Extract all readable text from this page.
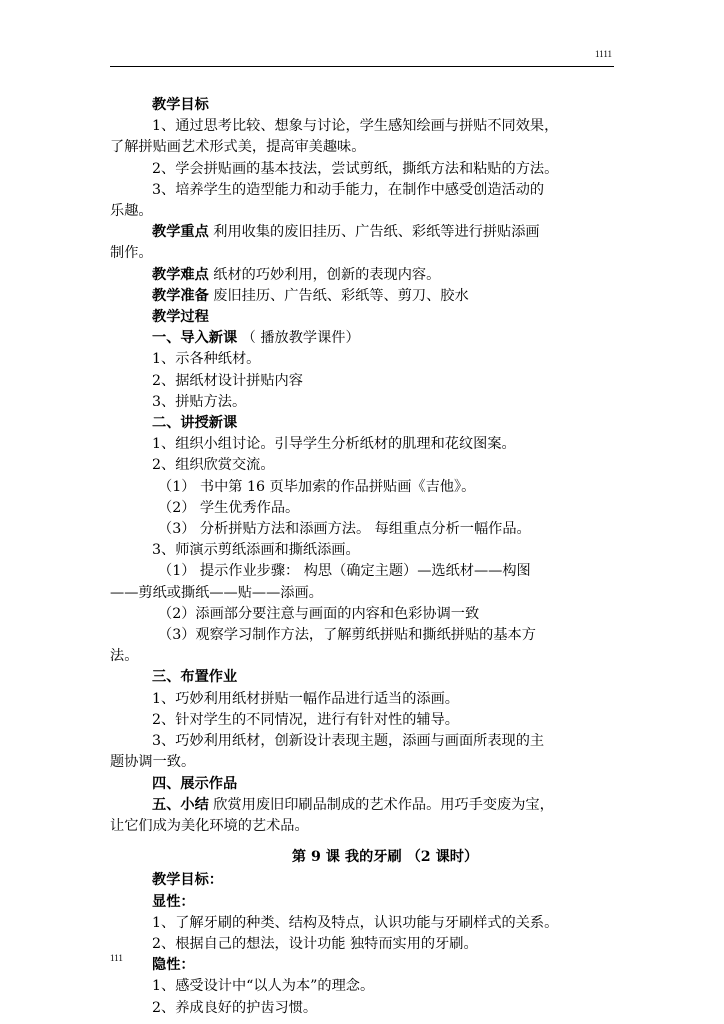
1111
教学目标
1、通过思考比较、想象与讨论，学生感知绘画与拼贴不同效果，
了解拼贴画艺术形式美，提高审美趣味。
2、学会拼贴画的基本技法，尝试剪纸，撕纸方法和粘贴的方法。
3、培养学生的造型能力和动手能力，在制作中感受创造活动的
乐趣。
教学重点 利用收集的废旧挂历、广告纸、彩纸等进行拼贴添画
制作。
教学难点 纸材的巧妙利用，创新的表现内容。
教学准备 废旧挂历、广告纸、彩纸等、剪刀、胶水
教学过程
一、导入新课 （ 播放教学课件）
1、示各种纸材。
2、据纸材设计拼贴内容
3、拼贴方法。
二、讲授新课
1、组织小组讨论。引导学生分析纸材的肌理和花纹图案。
2、组织欣赏交流。
（1） 书中第 16 页毕加索的作品拼贴画《吉他》。
（2） 学生优秀作品。
（3） 分析拼贴方法和添画方法。 每组重点分析一幅作品。
3、师演示剪纸添画和撕纸添画。
（1） 提示作业步骤： 构思（确定主题）—选纸材——构图
——剪纸或撕纸——贴——添画。
（2）添画部分要注意与画面的内容和色彩协调一致
（3）观察学习制作方法，了解剪纸拼贴和撕纸拼贴的基本方
法。
三、布置作业
1、巧妙利用纸材拼贴一幅作品进行适当的添画。
2、针对学生的不同情况，进行有针对性的辅导。
3、巧妙利用纸材，创新设计表现主题，添画与画面所表现的主
题协调一致。
四、展示作品
五、小结 欣赏用废旧印刷品制成的艺术作品。用巧手变废为宝，
让它们成为美化环境的艺术品。
第 9 课 我的牙刷 （2 课时）
教学目标：
显性：
1、了解牙刷的种类、结构及特点，认识功能与牙刷样式的关系。
2、根据自己的想法，设计功能 独特而实用的牙刷。
隐性：
1、感受设计中“以人为本”的理念。
2、养成良好的护齿习惯。
111
